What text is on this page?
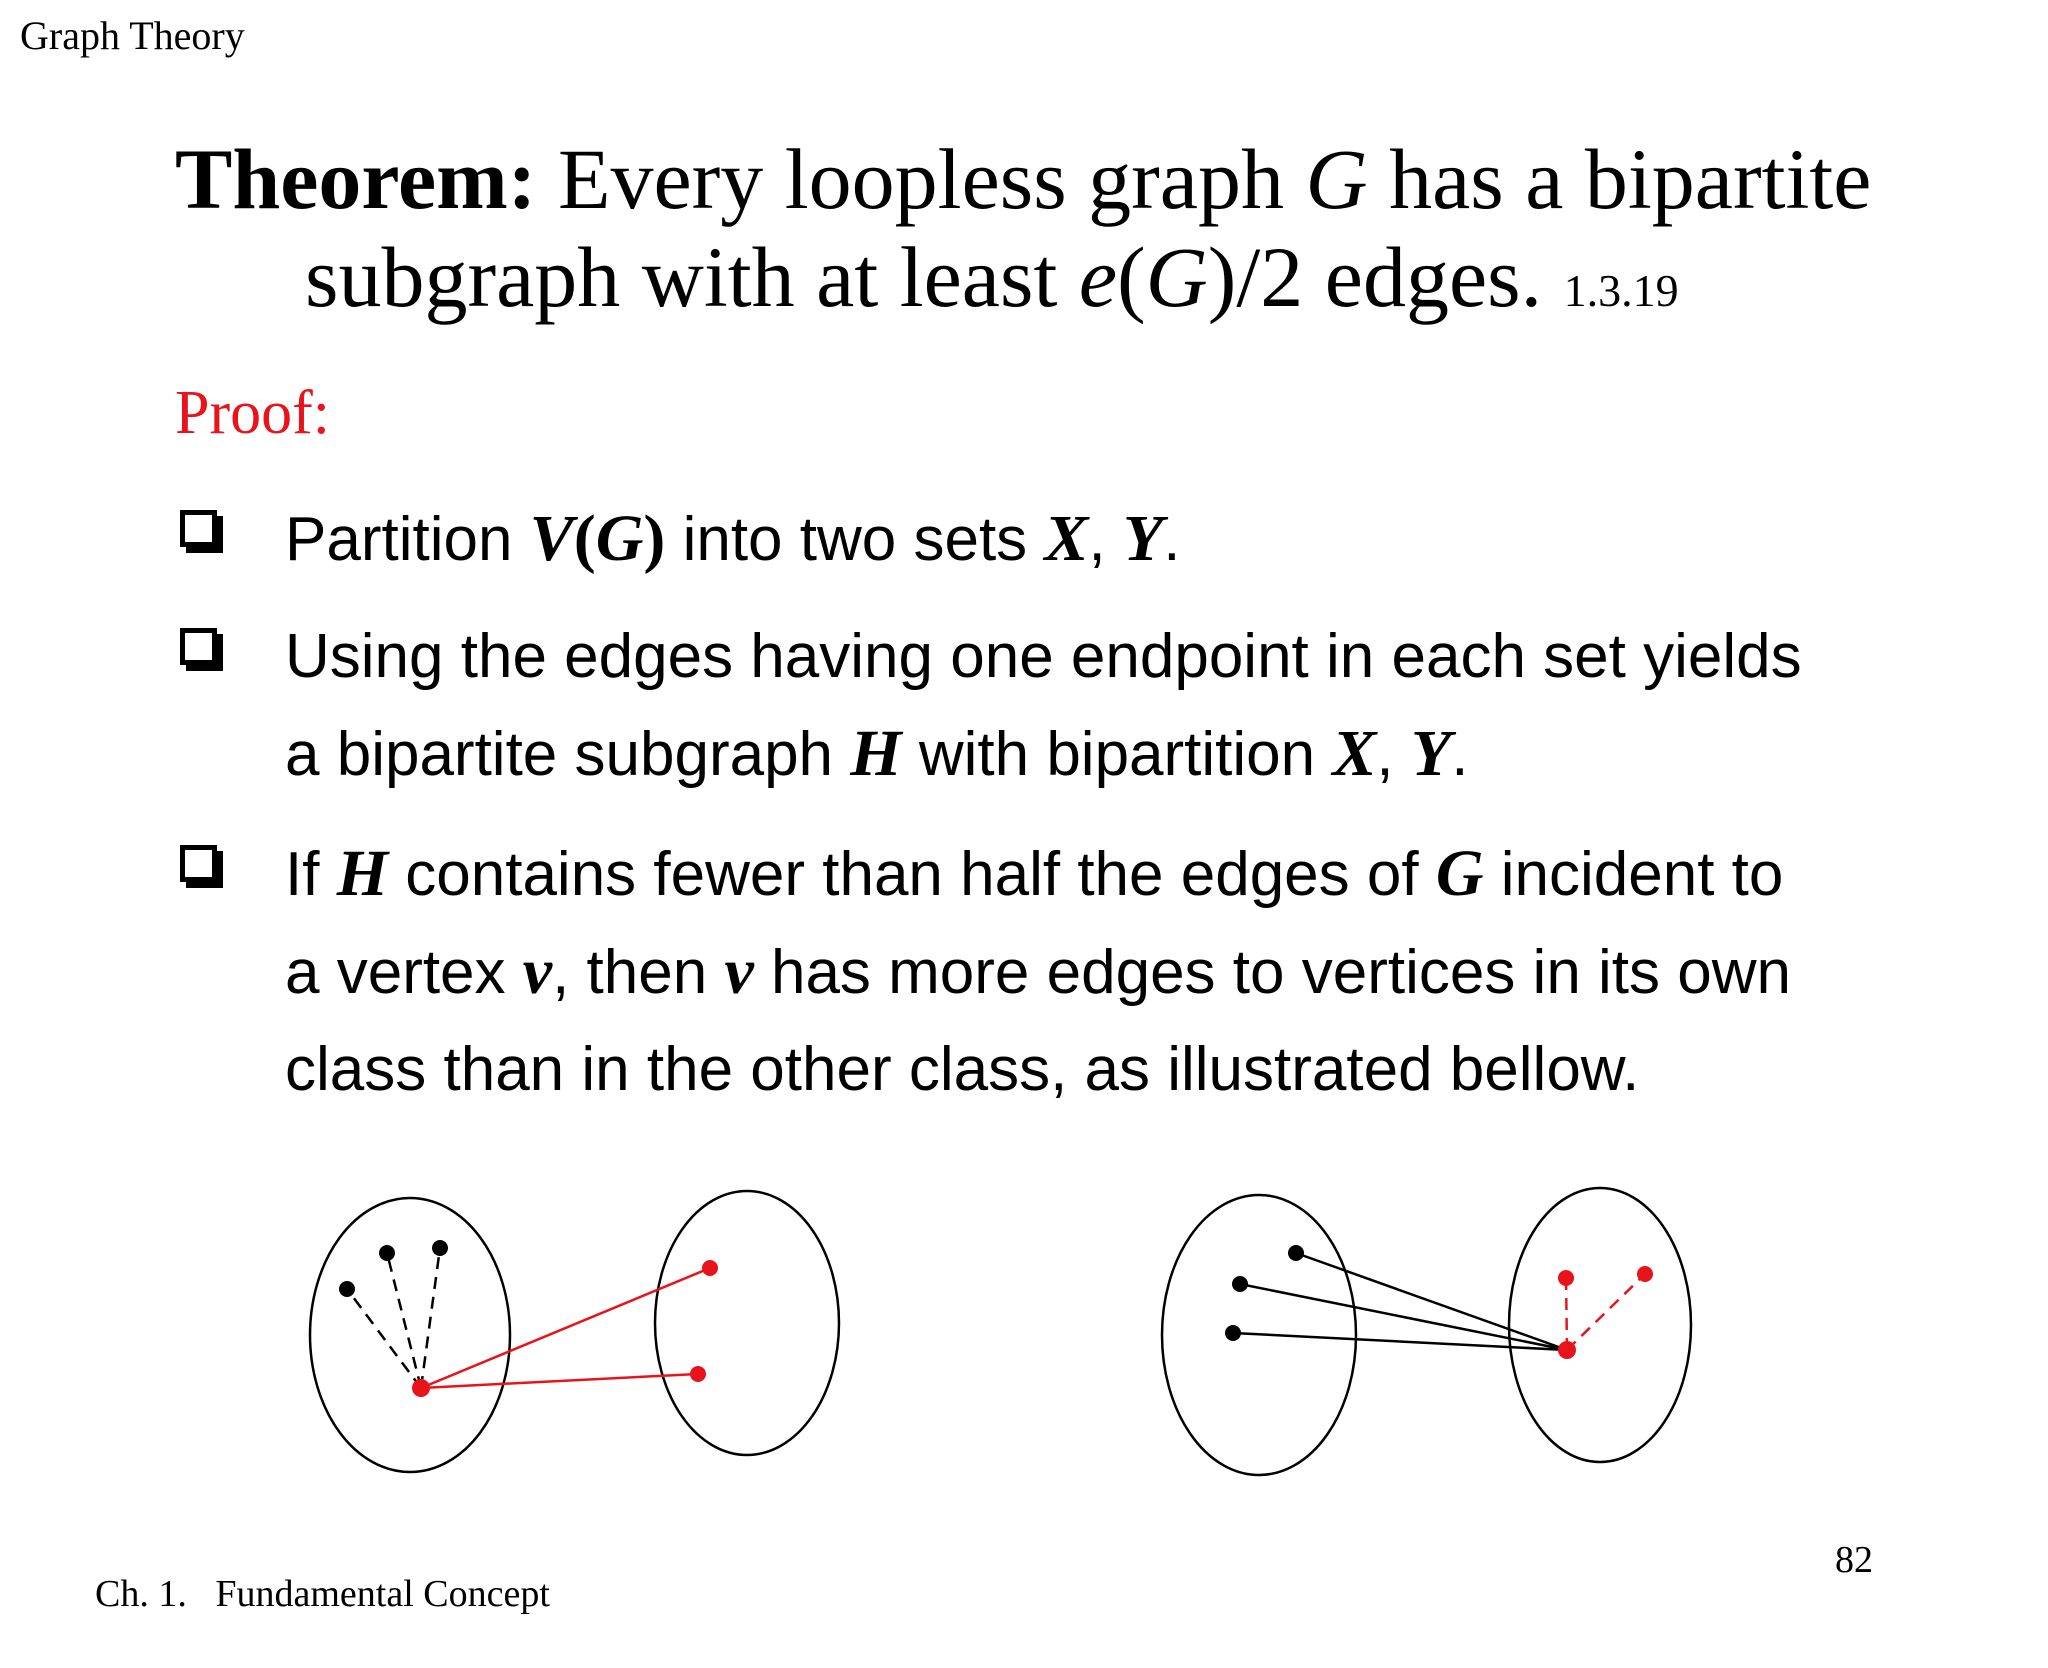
Graph Theory
Theorem: Every loopless graph G has a bipartite
subgraph with at least e(G)/2 edges. 1.3.19
Proof:
Partition V(G) into two sets X, Y.
Using the edges having one endpoint in each set yields
a bipartite subgraph H with bipartition X, Y.
If H contains fewer than half the edges of G incident to
a vertex v, then v has more edges to vertices in its own
class than in the other class, as illustrated bellow.
Ch. 1.   Fundamental Concept
82
